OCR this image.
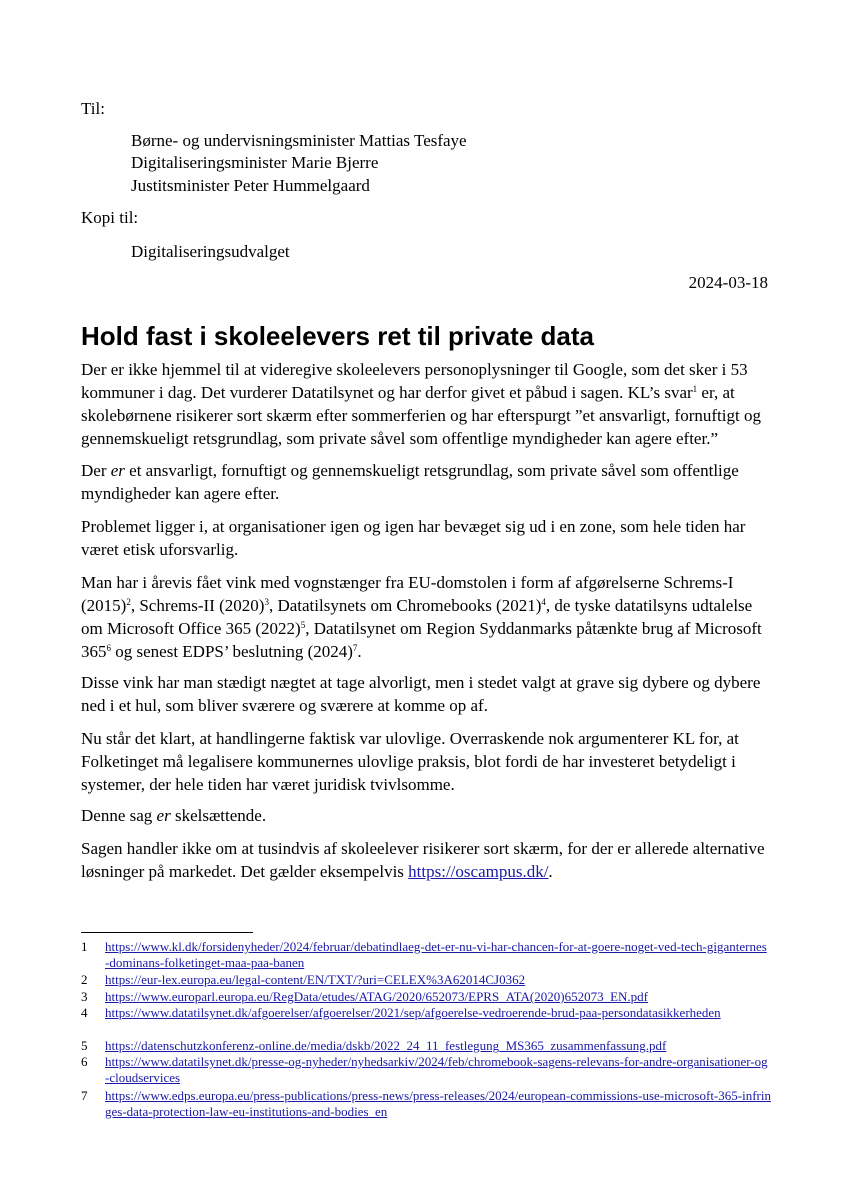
Til:
Børne- og undervisningsminister Mattias Tesfaye
Digitaliseringsminister Marie Bjerre
Justitsminister Peter Hummelgaard
Kopi til:
Digitaliseringsudvalget
2024-03-18
Hold fast i skoleelevers ret til private data

Der er ikke hjemmel til at videregive skoleelevers personoplysninger til Google, som det sker i 53 kommuner i dag. Det vurderer Datatilsynet og har derfor givet et påbud i sagen. KL’s svar$^1$ er, at skolebørnene risikerer sort skærm efter sommerferien og har efterspurgt ”et ansvarligt, fornuftigt og gennemskueligt retsgrundlag, som private såvel som offentlige myndigheder kan agere efter.”

Der er et ansvarligt, fornuftigt og gennemskueligt retsgrundlag, som private såvel som offentlige myndigheder kan agere efter.

Problemet ligger i, at organisationer igen og igen har bevæget sig ud i en zone, som hele tiden har været etisk uforsvarlig.

Man har i årevis fået vink med vognstænger fra EU-domstolen i form af afgørelserne Schrems-I $(2015)^2$, Schrems-II $(2020)^3$, Datatilsynets om Chromebooks $(2021)^4$, de tyske datatilsyns udtalelse om Microsoft Office 365 $(2022)^5$, Datatilsynet om Region Syddanmarks påtænkte brug af Microsoft $365^6$ og senest EDPS’ beslutning $(2024)^7$.

Disse vink har man stædigt nægtet at tage alvorligt, men i stedet valgt at grave sig dybere og dybere ned i et hul, som bliver sværere og sværere at komme op af.

Nu står det klart, at handlingerne faktisk var ulovlige. Overraskende nok argumenterer KL for, at Folketinget må legalisere kommunernes ulovlige praksis, blot fordi de har investeret betydeligt i systemer, der hele tiden har været juridisk tvivlsomme.

Denne sag er skelsættende.

Sagen handler ikke om at tusindvis af skoleelever risikerer sort skærm, for der er allerede alternative løsninger på markedet. Det gælder eksempelvis https://oscampus.dk/.

1	https://www.kl.dk/forsidenyheder/2024/februar/debatindlaeg-det-er-nu-vi-har-chancen-for-at-goere-noget-ved-tech-giganternes-dominans-folketinget-maa-paa-banen
2	https://eur-lex.europa.eu/legal-content/EN/TXT/?uri=CELEX%3A62014CJ0362
3	https://www.europarl.europa.eu/RegData/etudes/ATAG/2020/652073/EPRS_ATA(2020)652073_EN.pdf
4	https://www.datatilsynet.dk/afgoerelser/afgoerelser/2021/sep/afgoerelse-vedroerende-brud-paa-persondatasikkerheden
5	https://datenschutzkonferenz-online.de/media/dskb/2022_24_11_festlegung_MS365_zusammenfassung.pdf
6	https://www.datatilsynet.dk/presse-og-nyheder/nyhedsarkiv/2024/feb/chromebook-sagens-relevans-for-andre-organisationer-og-cloudservices
7	https://www.edps.europa.eu/press-publications/press-news/press-releases/2024/european-commissions-use-microsoft-365-infringes-data-protection-law-eu-institutions-and-bodies_en
